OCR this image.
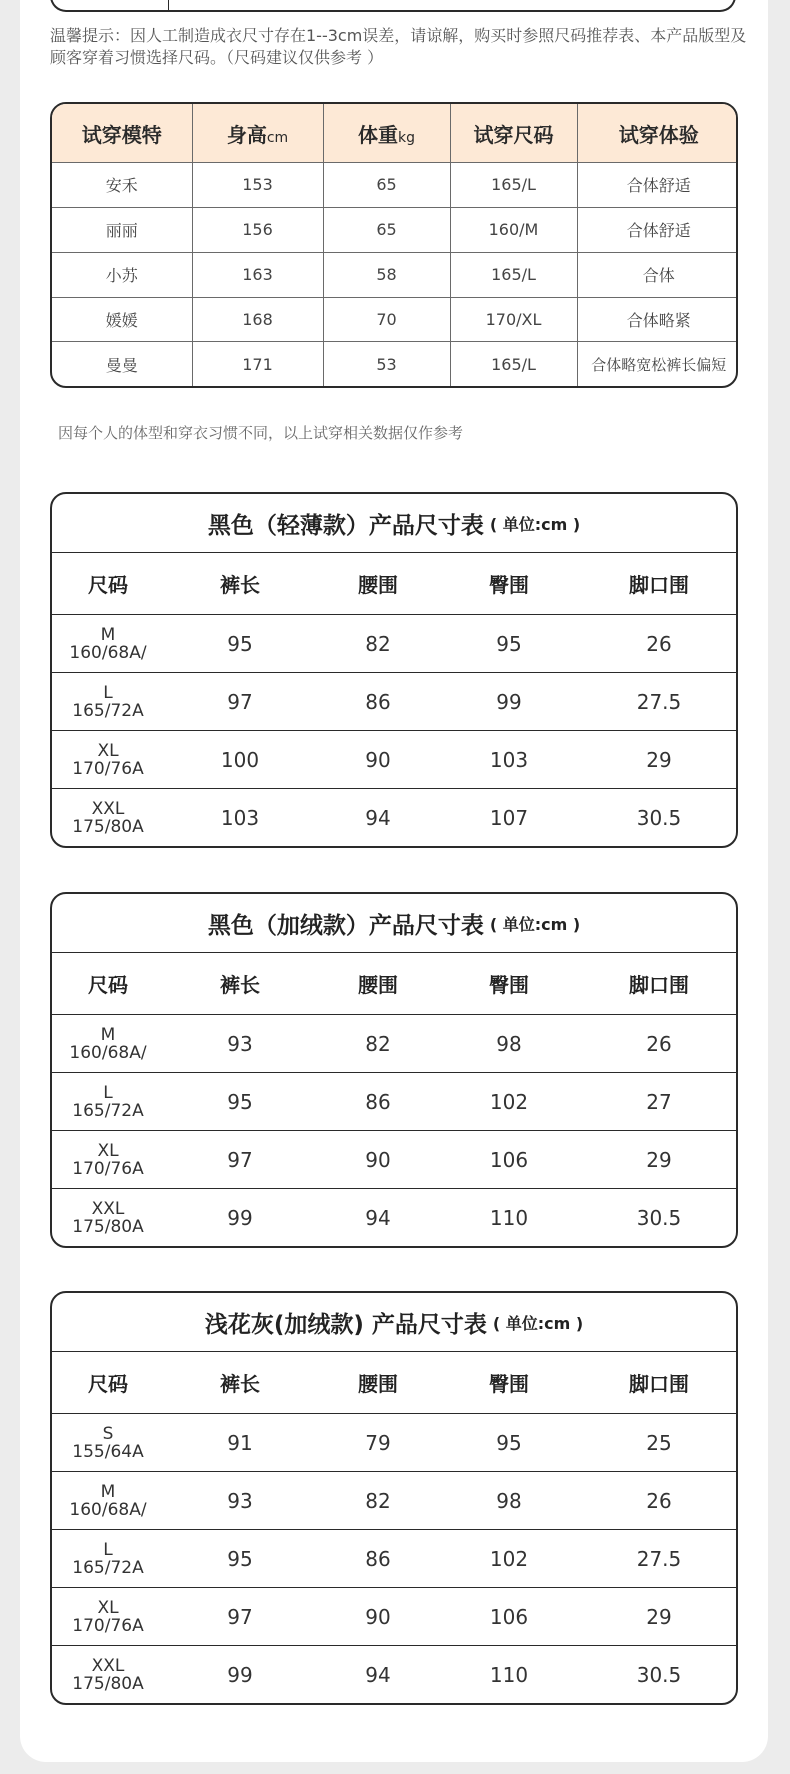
温馨提示：因人工制造成衣尺寸存在1--3cm误差，请谅解，购买时参照尺码推荐表、本产品版型及顾客穿着习惯选择尺码。（尺码建议仅供参考 ）
试穿模特	身高cm	体重kg	试穿尺码	试穿体验
安禾	153	65	165/L	合体舒适
丽丽	156	65	160/M	合体舒适
小苏	163	58	165/L	合体
媛媛	168	70	170/XL	合体略紧
曼曼	171	53	165/L	合体略宽松裤长偏短
因每个人的体型和穿衣习惯不同，以上试穿相关数据仅作参考
黑色（轻薄款）产品尺寸表 ( 单位:cm )
尺码	裤长	腰围	臀围	脚口围

M
160/68A/	95	82	95	26

L
165/72A	97	86	99	27.5

XL
170/76A	100	90	103	29

XXL
175/80A	103	94	107	30.5
黑色（加绒款）产品尺寸表 ( 单位:cm )
尺码	裤长	腰围	臀围	脚口围

M
160/68A/	93	82	98	26

L
165/72A	95	86	102	27

XL
170/76A	97	90	106	29

XXL
175/80A	99	94	110	30.5
浅花灰(加绒款) 产品尺寸表 ( 单位:cm )
尺码	裤长	腰围	臀围	脚口围

S
155/64A	91	79	95	25

M
160/68A/	93	82	98	26

L
165/72A	95	86	102	27.5

XL
170/76A	97	90	106	29

XXL
175/80A	99	94	110	30.5
